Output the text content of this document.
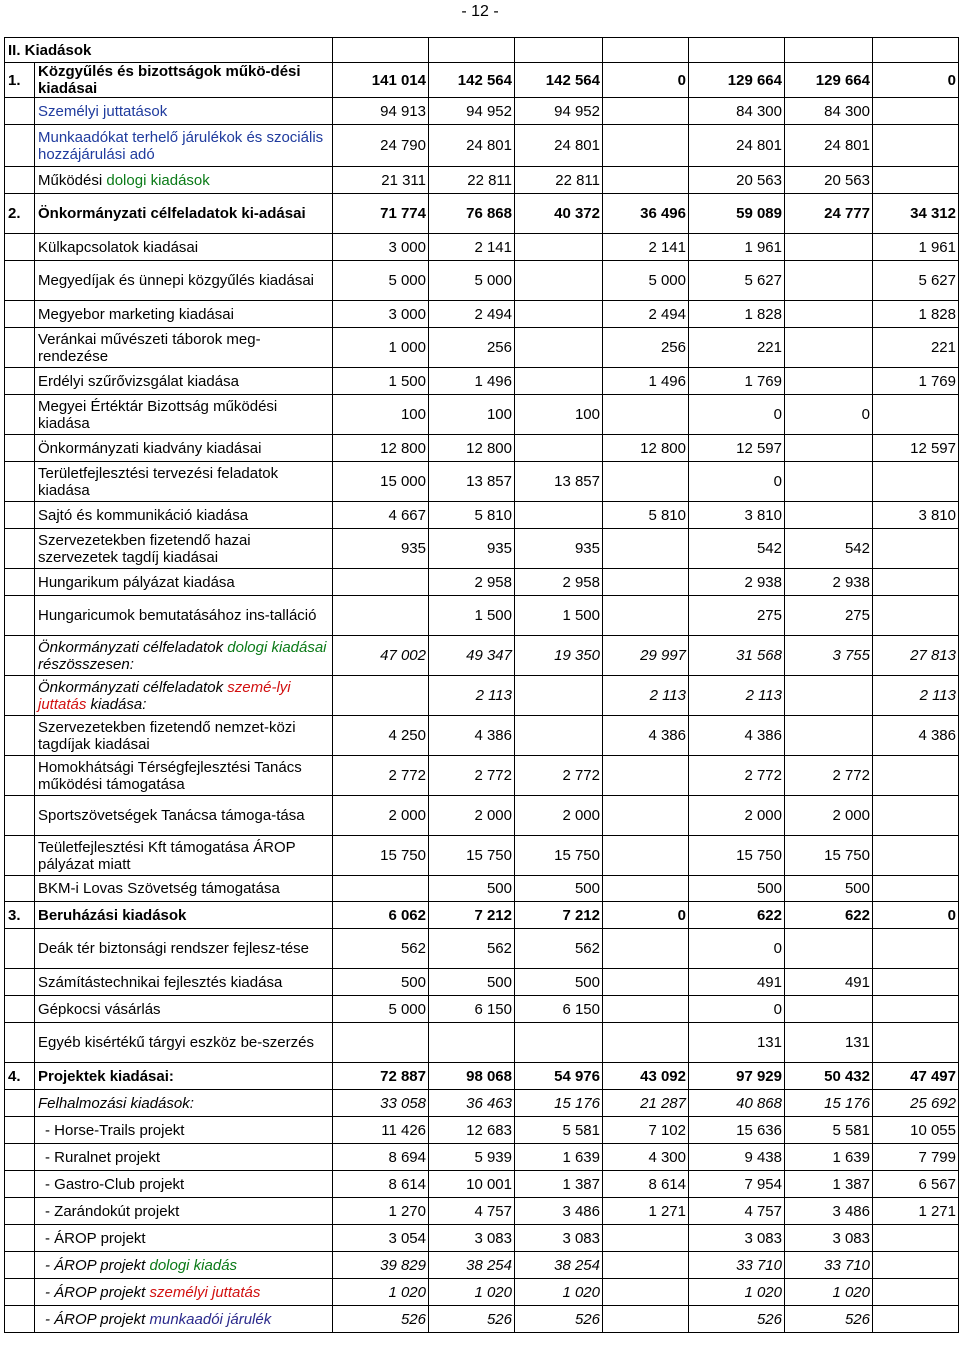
- 12 -
II. Kiadások								
1.	Közgyűlés és bizottságok műkö-dési kiadásai	141 014	142 564	142 564	0	129 664	129 664	0
	Személyi juttatások	94 913	94 952	94 952		84 300	84 300	
	Munkaadókat terhelő járulékok és szociális hozzájárulási adó	24 790	24 801	24 801		24 801	24 801	
	Működési dologi kiadások	21 311	22 811	22 811		20 563	20 563	
2.	Önkormányzati célfeladatok ki-adásai	71 774	76 868	40 372	36 496	59 089	24 777	34 312
	Külkapcsolatok kiadásai	3 000	2 141		2 141	1 961		1 961
	Megyedíjak és ünnepi közgyűlés kiadásai	5 000	5 000		5 000	5 627		5 627
	Megyebor marketing kiadásai	3 000	2 494		2 494	1 828		1 828
	Veránkai művészeti táborok meg-rendezése	1 000	256		256	221		221
	Erdélyi szűrővizsgálat kiadása	1 500	1 496		1 496	1 769		1 769
	Megyei Értéktár Bizottság működési kiadása	100	100	100		0	0	
	Önkormányzati kiadvány kiadásai	12 800	12 800		12 800	12 597		12 597
	Területfejlesztési tervezési feladatok kiadása	15 000	13 857	13 857		0		
	Sajtó és kommunikáció kiadása	4 667	5 810		5 810	3 810		3 810
	Szervezetekben fizetendő hazai szervezetek tagdíj kiadásai	935	935	935		542	542	
	Hungarikum pályázat kiadása		2 958	2 958		2 938	2 938	
	Hungaricumok bemutatásához ins-talláció		1 500	1 500		275	275	
	Önkormányzati célfeladatok dologi kiadásai részösszesen:	47 002	49 347	19 350	29 997	31 568	3 755	27 813
	Önkormányzati célfeladatok szemé-lyi juttatás kiadása:		2 113		2 113	2 113		2 113
	Szervezetekben fizetendő nemzet-közi tagdíjak kiadásai	4 250	4 386		4 386	4 386		4 386
	Homokhátsági Térségfejlesztési Tanács működési támogatása	2 772	2 772	2 772		2 772	2 772	
	Sportszövetségek Tanácsa támoga-tása	2 000	2 000	2 000		2 000	2 000	
	Teületfejlesztési Kft támogatása ÁROP pályázat miatt	15 750	15 750	15 750		15 750	15 750	
	BKM-i Lovas Szövetség támogatása		500	500		500	500	
3.	Beruházási kiadások	6 062	7 212	7 212	0	622	622	0
	Deák tér biztonsági rendszer fejlesz-tése	562	562	562		0		
	Számítástechnikai fejlesztés kiadása	500	500	500		491	491	
	Gépkocsi vásárlás	5 000	6 150	6 150		0		
	Egyéb kisértékű tárgyi eszköz be-szerzés					131	131	
4.	Projektek kiadásai:	72 887	98 068	54 976	43 092	97 929	50 432	47 497
	Felhalmozási kiadások:	33 058	36 463	15 176	21 287	40 868	15 176	25 692
	- Horse-Trails projekt	11 426	12 683	5 581	7 102	15 636	5 581	10 055
	- Ruralnet projekt	8 694	5 939	1 639	4 300	9 438	1 639	7 799
	- Gastro-Club projekt	8 614	10 001	1 387	8 614	7 954	1 387	6 567
	- Zarándokút projekt	1 270	4 757	3 486	1 271	4 757	3 486	1 271
	- ÁROP projekt	3 054	3 083	3 083		3 083	3 083	
	- ÁROP projekt dologi kiadás	39 829	38 254	38 254		33 710	33 710	
	- ÁROP projekt személyi juttatás	1 020	1 020	1 020		1 020	1 020	
	- ÁROP projekt munkaadói járulék	526	526	526		526	526	
